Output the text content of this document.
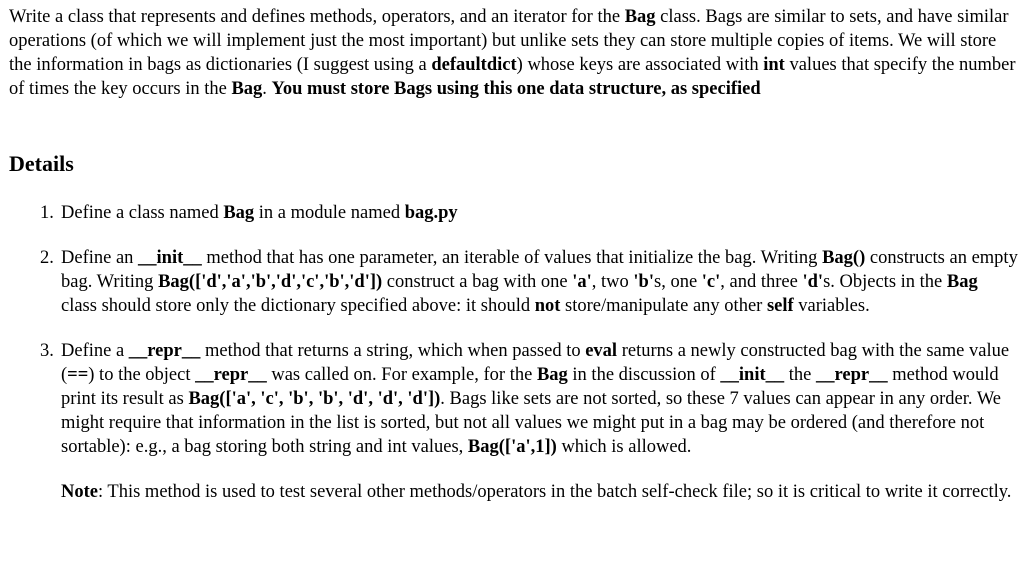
Write a class that represents and defines methods, operators, and an iterator for the Bag class. Bags are similar to sets, and have similar operations (of which we will implement just the most important) but unlike sets they can store multiple copies of items. We will store the information in bags as dictionaries (I suggest using a defaultdict) whose keys are associated with int values that specify the number of times the key occurs in the Bag. You must store Bags using this one data structure, as specified

Details
1. Define a class named Bag in a module named bag.py

2. Define an __init__ method that has one parameter, an iterable of values that initialize the bag. Writing Bag() constructs an empty bag. Writing Bag(['d','a','b','d','c','b','d']) construct a bag with one 'a', two 'b's, one 'c', and three 'd's. Objects in the Bag class should store only the dictionary specified above: it should not store/manipulate any other self variables.

3. Define a __repr__ method that returns a string, which when passed to eval returns a newly constructed bag with the same value (==) to the object __repr__ was called on. For example, for the Bag in the discussion of __init__ the __repr__ method would print its result as Bag(['a', 'c', 'b', 'b', 'd', 'd', 'd']). Bags like sets are not sorted, so these 7 values can appear in any order. We might require that information in the list is sorted, but not all values we might put in a bag may be ordered (and therefore not sortable): e.g., a bag storing both string and int values, Bag(['a',1]) which is allowed.

Note: This method is used to test several other methods/operators in the batch self-check file; so it is critical to write it correctly.
